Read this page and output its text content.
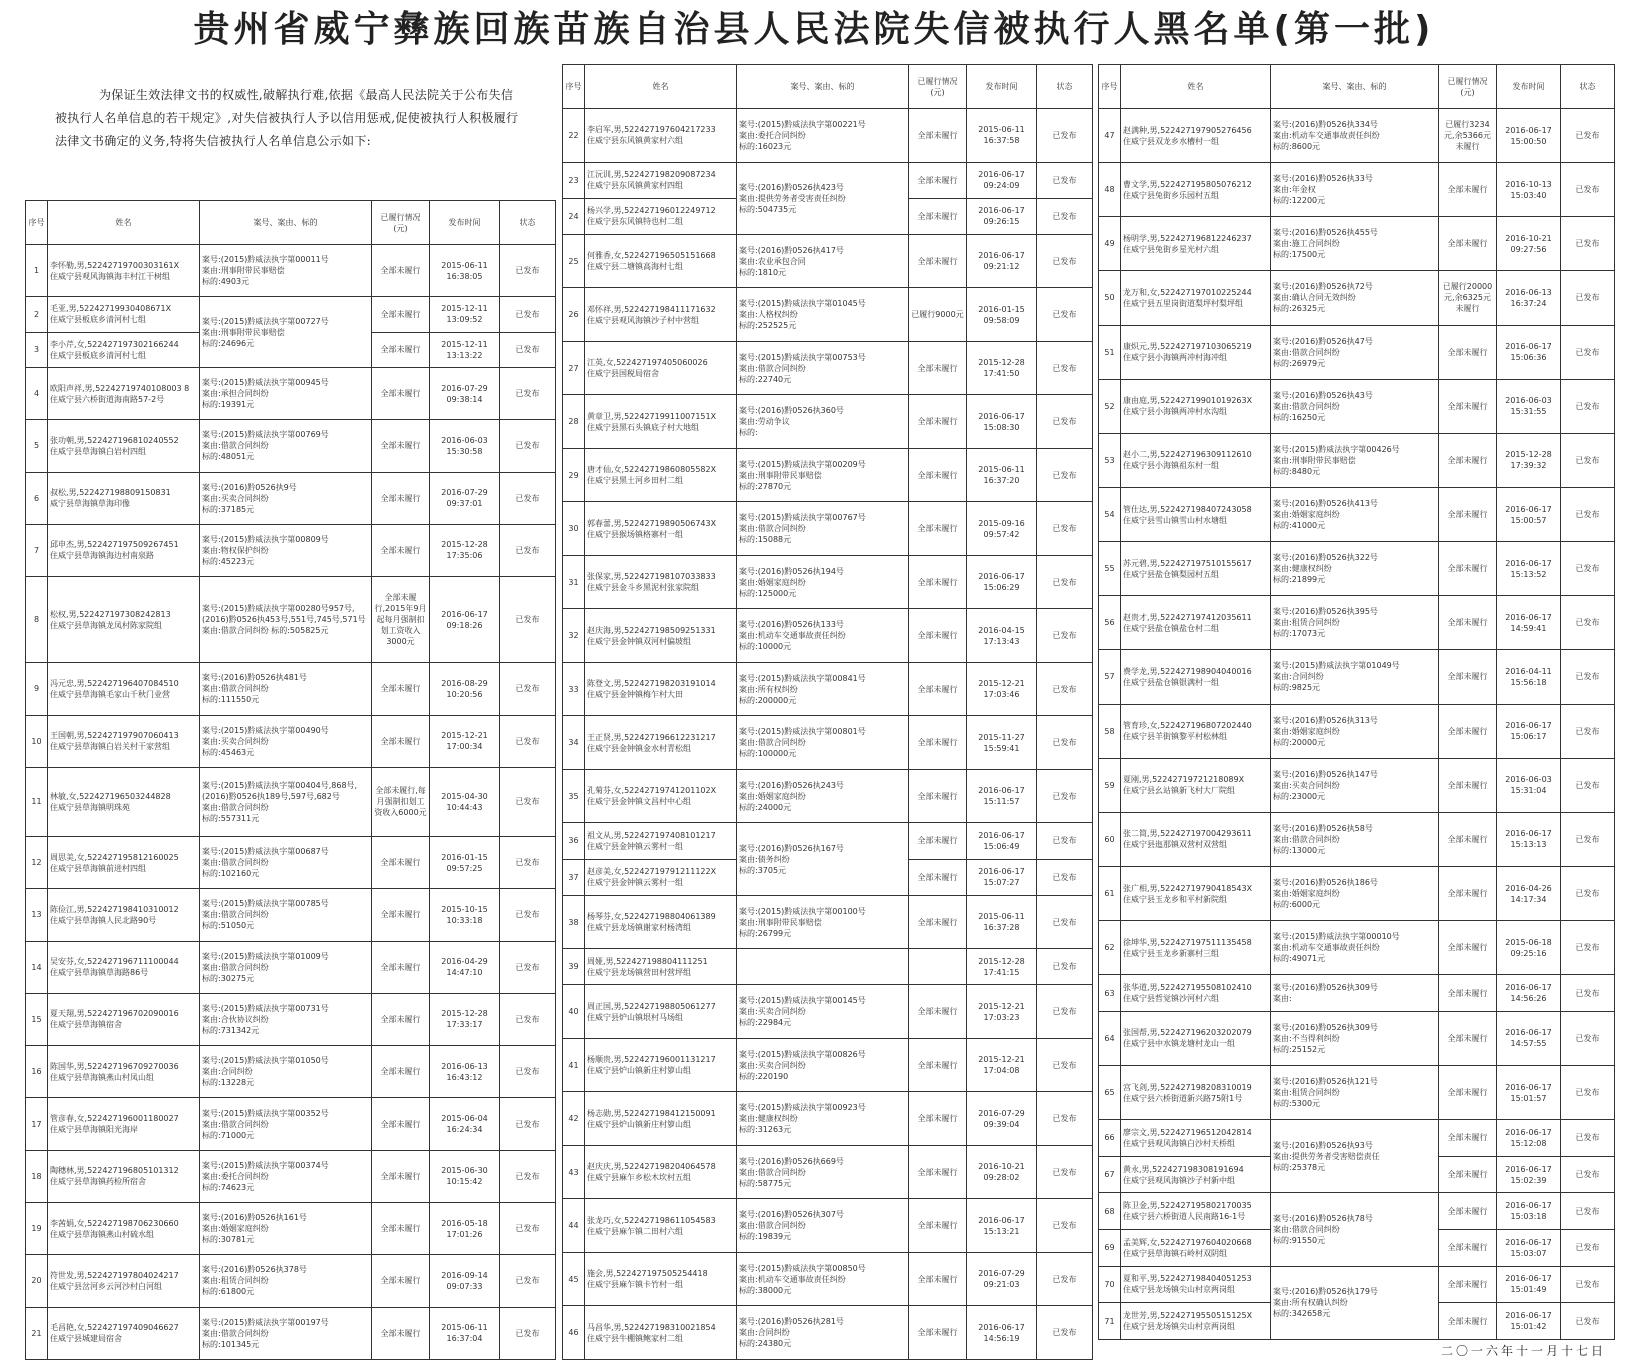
贵州省威宁彝族回族苗族自治县人民法院失信被执行人黑名单(第一批)
为保证生效法律文书的权威性,破解执行难,依据《最高人民法院关于公布失信被执行人名单信息的若干规定》,对失信被执行人予以信用惩戒,促使被执行人积极履行法律文书确定的义务,特将失信被执行人名单信息公示如下:
序号	姓名	案号、案由、标的	已履行情况(元)	发布时间	状态
1	李怀勒,男,52242719700303161X
住威宁县观风海镇海丰村江干树组	案号:(2015)黔威法执字第00011号
案由:刑事附带民事赔偿
标的:4903元	全部未履行	2015-06-11 16:38:05	已发布
2	毛亚,男,52242719930408671X
住威宁县板底乡清河村七组	案号:(2015)黔威法执字第00727号
案由:刑事附带民事赔偿
标的:24696元	全部未履行	2015-12-11 13:09:52	已发布
3	李小芹,女,522427197302166244
住威宁县板底乡清河村七组		全部未履行	2015-12-11 13:13:22	已发布
4	欧阳声祥,男,52242719740108003 8
住威宁县六桥街道海南路57-2号	案号:(2015)黔威法执字第00945号
案由:承担合同纠纷
标的:19391元	全部未履行	2016-07-29 09:38:14	已发布
5	张功朝,男,522427196810240552
住威宁县草海镇白岩村四组	案号:(2015)黔威法执字第00769号
案由:借款合同纠纷
标的:48051元	全部未履行	2016-06-03 15:30:58	已发布
6	叔松,男,522427198809150831
威宁县草海镇草海印像	案号:(2016)黔0526执9号
案由:买卖合同纠纷
标的:37185元	全部未履行	2016-07-29 09:37:01	已发布
7	邱申杰,男,522427197509267451
住威宁县草海镇海边村南泉路	案号:(2015)黔威法执字第00809号
案由:物权保护纠纷
标的:45223元	全部未履行	2015-12-28 17:35:06	已发布
8	松权,男,522427197308242813
住威宁县草海镇龙凤村陈家院组	案号:(2015)黔威法执字第00280号957号,(2016)黔0526执453号,551号,745号,571号
案由:借款合同纠纷 标的:505825元	全部未履行,2015年9月起每月强制扣划工资收入3000元	2016-06-17 09:18:26	已发布
9	冯元忠,男,522427196407084510
住威宁县草海镇毛家山千秋门业营	案号:(2016)黔0526执481号
案由:借款合同纠纷
标的:111550元	全部未履行	2016-08-29 10:20:56	已发布
10	王国朝,男,522427197907060413
住威宁县草海镇白岩关村干家营组	案号:(2015)黔威法执字第00490号
案由:买卖合同纠纷
标的:45463元	全部未履行	2015-12-21 17:00:34	已发布
11	林敏,女,522427196503244828
住威宁县草海镇明珠苑	案号:(2015)黔威法执字第00404号,868号,(2016)黔0526执189号,597号,682号
案由:借款合同纠纷
标的:557311元	全部未履行,每月强制扣划工资收入6000元	2015-04-30 10:44:43	已发布
12	周思美,女,522427195812160025
住威宁县草海镇前进村四组	案号:(2015)黔威法执字第00687号
案由:借款合同纠纷
标的:102160元	全部未履行	2016-01-15 09:57:25	已发布
13	陈俭江,男,522427198410310012
住威宁县草海镇人民北路90号	案号:(2015)黔威法执字第00785号
案由:借款合同纠纷
标的:51050元	全部未履行	2015-10-15 10:33:18	已发布
14	吴安芬,女,522427196711100044
住威宁县草海镇草海路86号	案号:(2015)黔威法执字第01009号
案由:借款合同纠纷
标的:30275元	全部未履行	2016-04-29 14:47:10	已发布
15	夏天翔,男,522427196702090016
住威宁县草海镇宿舍	案号:(2015)黔威法执字第00731号
案由:合伙协议纠纷
标的:731342元	全部未履行	2015-12-28 17:33:17	已发布
16	陈国华,男,522427196709270036
住威宁县草海镇燕山村凤山组	案号:(2015)黔威法执字第01050号
案由:合同纠纷
标的:13228元	全部未履行	2016-06-13 16:43:12	已发布
17	管彦春,女,522427196001180027
住威宁县草海镇阳光海岸	案号:(2015)黔威法执字第00352号
案由:借款合同纠纷
标的:71000元	全部未履行	2015-06-04 16:24:34	已发布
18	陶穗林,男,522427196805101312
住威宁县草海镇药检所宿舍	案号:(2015)黔威法执字第00374号
案由:委托合同纠纷
标的:74623元	全部未履行	2015-06-30 10:15:42	已发布
19	李茜娟,女,522427198706230660
住威宁县草海镇燕山村硫水组	案号:(2016)黔0526执161号
案由:婚姻家庭纠纷
标的:30781元	全部未履行	2016-05-18 17:01:26	已发布
20	符世发,男,522427197804024217
住威宁县岔河乡云河沙村白河组	案号:(2016)黔0526执378号
案由:租赁合同纠纷
标的:61800元	全部未履行	2016-09-14 09:07:33	已发布
21	毛昌艳,女,522427197409046627
住威宁县城建局宿舍	案号:(2015)黔威法执字第00197号
案由:借款合同纠纷
标的:101345元	全部未履行	2015-06-11 16:37:04	已发布
序号	姓名	案号、案由、标的	已履行情况(元)	发布时间	状态
22	李启军,男,522427197604217233
住威宁县东风镇黄家村六组	案号:(2015)黔威法执字第00221号
案由:委托合同纠纷
标的:16023元	全部未履行	2015-06-11 16:37:58	已发布
23	江沅训,男,522427198209087234
住威宁县东风镇黄家村四组	案号:(2016)黔0526执423号
案由:提供劳务者受害责任纠纷
标的:504735元	全部未履行	2016-06-17 09:24:09	已发布
24	杨兴学,男,522427196012249712
住威宁县东风镇特也村二组		全部未履行	2016-06-17 09:26:15	已发布
25	何雅香,女,522427196505151668
住威宁县二塘镇高海村七组	案号:(2016)黔0526执417号
案由:农业承包合同
标的:1810元	全部未履行	2016-06-17 09:21:12	已发布
26	邓怀祥,男,522427198411171632
住威宁县观风海镇沙子村中营组	案号:(2015)黔威法执字第01045号
案由:人格权纠纷
标的:252525元	已履行9000元	2016-01-15 09:58:09	已发布
27	江英,女,522427197405060026
住威宁县国税局宿舍	案号:(2015)黔威法执字第00753号
案由:借款合同纠纷
标的:22740元	全部未履行	2015-12-28 17:41:50	已发布
28	黄章卫,男,52242719911007151X
住威宁县黑石头镇底子村大地组	案号:(2016)黔0526执360号
案由:劳动争议
标的:	全部未履行	2016-06-17 15:08:30	已发布
29	唐才仙,女,52242719860805582X
住威宁县黑土河乡田村二组	案号:(2015)黔威法执字第00209号
案由:刑事附带民事赔偿
标的:27870元	全部未履行	2015-06-11 16:37:20	已发布
30	郭春蕾,男,52242719890506743X
住威宁县猴场镇格寨村一组	案号:(2015)黔威法执字第00767号
案由:借款合同纠纷
标的:15088元	全部未履行	2015-09-16 09:57:42	已发布
31	张保家,男,522427198107033833
住威宁县金斗乡黑泥村张家院组	案号:(2016)黔0526执194号
案由:婚姻家庭纠纷
标的:125000元	全部未履行	2016-06-17 15:06:29	已发布
32	赵庆海,男,522427198509251331
住威宁县金钟镇双河村偏坡组	案号:(2016)黔0526执133号
案由:机动车交通事故责任纠纷
标的:10000元	全部未履行	2016-04-15 17:13:43	已发布
33	陈登文,男,522427198203191014
住威宁县金钟镇梅乍村大田	案号:(2015)黔威法执字第00841号
案由:所有权纠纷
标的:200000元	全部未履行	2015-12-21 17:03:46	已发布
34	王正贤,男,522427196612231217
住威宁县金钟镇金水村青松组	案号:(2015)黔威法执字第00801号
案由:借款合同纠纷
标的:100000元	全部未履行	2015-11-27 15:59:41	已发布
35	孔菊芬,女,52242719741201102X
住威宁县金钟镇文昌村中心组	案号:(2016)黔0526执243号
案由:婚姻家庭纠纷
标的:24000元	全部未履行	2016-06-17 15:11:57	已发布
36	祖文从,男,522427197408101217
住威宁县金钟镇云雾村一组	案号:(2016)黔0526执167号
案由:债务纠纷
标的:3705元	全部未履行	2016-06-17 15:06:49	已发布
37	赵彦美,女,52242719791211122X
住威宁县金钟镇云雾村一组		全部未履行	2016-06-17 15:07:27	已发布
38	杨琴芬,女,522427198804061389
住威宁县龙场镇谢家村杨湾组	案号:(2015)黔威法执字第00100号
案由:刑事附带民事赔偿
标的:26799元	全部未履行	2015-06-11 16:37:28	已发布
39	周娅,男,522427198804111251
住威宁县龙场镇营田村营坪组			2015-12-28 17:41:15	已发布
40	周正国,男,522427198805061277
住威宁县炉山镇垠村马场组	案号:(2015)黔威法执字第00145号
案由:买卖合同纠纷
标的:22984元	全部未履行	2015-12-21 17:03:23	已发布
41	杨顺贵,男,522427196001131217
住威宁县炉山镇新庄村箩山组	案号:(2015)黔威法执字第00826号
案由:买卖合同纠纷
标的:220190	全部未履行	2015-12-21 17:04:08	已发布
42	杨志勋,男,522427198412150091
住威宁县炉山镇新庄村箩山组	案号:(2015)黔威法执字第00923号
案由:健康权纠纷
标的:31263元	全部未履行	2016-07-29 09:39:04	已发布
43	赵庆庆,男,522427198204064578
住威宁县麻乍乡松木坎村五组	案号:(2016)黔0526执669号
案由:借款合同纠纷
标的:58775元	全部未履行	2016-10-21 09:28:02	已发布
44	张龙巧,女,522427198611054583
住威宁县麻乍镇二田村六组	案号:(2016)黔0526执307号
案由:借款合同纠纷
标的:19839元	全部未履行	2016-06-17 15:13:21	已发布
45	施会,男,522427197505254418
住威宁县麻乍镇卡竹村一组	案号:(2015)黔威法执字第00850号
案由:机动车交通事故责任纠纷
标的:38000元	全部未履行	2016-07-29 09:21:03	已发布
46	马昌华,男,522427198310021854
住威宁县牛棚镇鲍家村二组	案号:(2016)黔0526执281号
案由:合同纠纷
标的:24380元	全部未履行	2016-06-17 14:56:19	已发布
序号	姓名	案号、案由、标的	已履行情况(元)	发布时间	状态
47	赵满种,男,522427197905276456
住威宁县双龙乡水槽村一组	案号:(2016)黔0526执334号
案由:机动车交通事故责任纠纷
标的:8600元	已履行3234元,余5366元未履行	2016-06-17 15:00:50	已发布
48	曹文学,男,522427195805076212
住威宁县兔街乡乐园村五组	案号:(2016)黔0526执33号
案由:年金权
标的:12200元	全部未履行	2016-10-13 15:03:40	已发布
49	杨明学,男,522427196812246237
住威宁县兔街乡星光村六组	案号:(2016)黔0526执455号
案由:施工合同纠纷
标的:17500元	全部未履行	2016-10-21 09:27:56	已发布
50	龙万和,女,522427197010225244
住威宁县五里岗街道梨坪村梨坪组	案号:(2016)黔0526执72号
案由:确认合同无效纠纷
标的:26325元	已履行20000元,余6325元未履行	2016-06-13 16:37:24	已发布
51	康炽元,男,522427197103065219
住威宁县小海镇两冲村海冲组	案号:(2016)黔0526执47号
案由:借款合同纠纷
标的:26979元	全部未履行	2016-06-17 15:06:36	已发布
52	康由庭,男,52242719901019263X
住威宁县小海镇两冲村水沟组	案号:(2016)黔0526执43号
案由:借款合同纠纷
标的:16250元	全部未履行	2016-06-03 15:31:55	已发布
53	赵小二,男,522427196309112610
住威宁县小海镇祖东村一组	案号:(2015)黔威法执字第00426号
案由:刑事附带民事赔偿
标的:8480元	全部未履行	2015-12-28 17:39:32	已发布
54	管仕达,男,522427198407243058
住威宁县雪山镇雪山村水塘组	案号:(2016)黔0526执413号
案由:婚姻家庭纠纷
标的:41000元	全部未履行	2016-06-17 15:00:57	已发布
55	苏元碧,男,522427197510155617
住威宁县盐仓镇梨园村五组	案号:(2016)黔0526执322号
案由:健康权纠纷
标的:21899元	全部未履行	2016-06-17 15:13:52	已发布
56	赵贵才,男,522427197412035611
住威宁县盐仓镇盐仓村二组	案号:(2016)黔0526执395号
案由:租赁合同纠纷
标的:17073元	全部未履行	2016-06-17 14:59:41	已发布
57	费学龙,男,522427198904040016
住威宁县盐仓镇银满村一组	案号:(2015)黔威法执字第01049号
案由:合同纠纷
标的:9825元	全部未履行	2016-04-11 15:56:18	已发布
58	管育珍,女,522427196807202440
住威宁县羊街镇黎平村松林组	案号:(2016)黔0526执313号
案由:婚姻家庭纠纷
标的:20000元	全部未履行	2016-06-17 15:06:17	已发布
59	夏刚,男,52242719721218089X
住威宁县幺站镇新飞村大厂院组	案号:(2016)黔0526执147号
案由:买卖合同纠纷
标的:23000元	全部未履行	2016-06-03 15:31:04	已发布
60	张二简,男,522427197004293611
住威宁县迤那镇双营村双营组	案号:(2016)黔0526执58号
案由:借款合同纠纷
标的:13000元	全部未履行	2016-06-17 15:13:13	已发布
61	张广相,男,52242719790418543X
住威宁县玉龙乡和平村新院组	案号:(2016)黔0526执186号
案由:婚姻家庭纠纷
标的:6000元	全部未履行	2016-04-26 14:17:34	已发布
62	徐坤华,男,522427197511135458
住威宁县玉龙乡新寨村三组	案号:(2015)黔威法执字第00010号
案由:机动车交通事故责任纠纷
标的:49071元	全部未履行	2015-06-18 09:25:16	已发布
63	张华道,男,522427195508102410
住威宁县哲觉镇沙河村六组	案号:(2016)黔0526执309号
案由:	全部未履行	2016-06-17 14:56:26	已发布
64	张国帮,男,522427196203202079
住威宁县中水镇龙塘村龙山一组	案号:(2016)黔0526执309号
案由:不当得利纠纷
标的:25152元	全部未履行	2016-06-17 14:57:55	已发布
65	宫飞剑,男,522427198208310019
住威宁县六桥街道新兴路75附1号	案号:(2016)黔0526执121号
案由:租赁合同纠纷
标的:5300元	全部未履行	2016-06-17 15:01:57	已发布
66	廖宗文,男,522427196512042814
住威宁县观风海镇白沙村天桥组	案号:(2016)黔0526执93号
案由:提供劳务者受害赔偿责任
标的:25378元	全部未履行	2016-06-17 15:12:08	已发布
67	黄永,男,522427198308191694
住威宁县观风海镇沙子村新中组		全部未履行	2016-06-17 15:02:39	已发布
68	陈卫金,男,522427195802170035
住威宁县六桥街道人民南路16-1号	案号:(2016)黔0526执78号
案由:借款合同纠纷
标的:91550元	全部未履行	2016-06-17 15:03:18	已发布
69	孟美辉,女,522427197604020668
住威宁县草海镇石岭村双阴组		全部未履行	2016-06-17 15:03:07	已发布
70	夏和平,男,522427198404051253
住威宁县龙场镇尖山村京两岗组	案号:(2016)黔0526执179号
案由:所有权确认纠纷
标的:342658元	全部未履行	2016-06-17 15:01:49	已发布
71	龙世芳,男,52242719550515125X
住威宁县龙场镇尖山村京两岗组		全部未履行	2016-06-17 15:01:42	已发布
二〇一六年十一月十七日
